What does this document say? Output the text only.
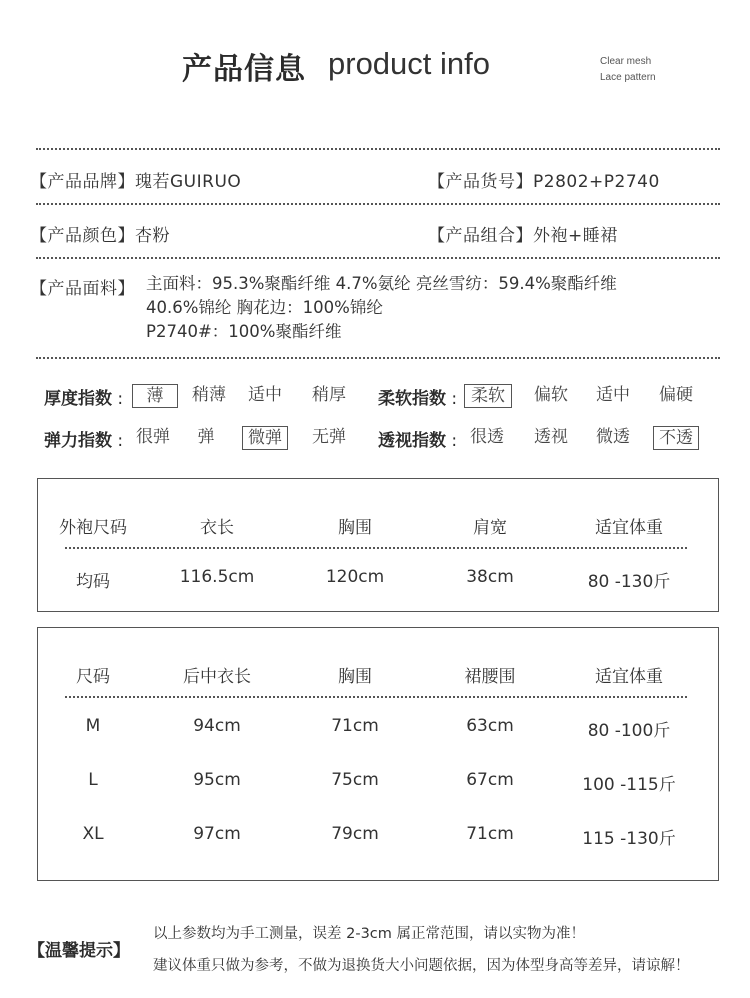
产品信息 product info	Clear mesh
Lace pattern
【产品品牌】瑰若GUIRUO	【产品货号】P2802+P2740
【产品颜色】杏粉	【产品组合】外袍+睡裙
【产品面料】 主面料：95.3%聚酯纤维 4.7%氨纶 亮丝雪纺：59.4%聚酯纤维
40.6%锦纶 胸花边：100%锦纶
P2740#：100%聚酯纤维
厚度指数 :	薄	稍薄	适中	稍厚	柔软指数 : 柔软	偏软	适中	偏硬
弹力指数 : 很弹	弹	微弹	无弹	透视指数 : 很透	透视	微透	不透
外袍尺码	衣长	胸围	肩宽	适宜体重
均码	116.5cm	120cm	38cm	80 -130斤
尺码	后中衣长	胸围	裙腰围	适宜体重
M	94cm	71cm	63cm	80 -100斤
L	95cm	75cm	67cm	100 -115斤
XL	97cm	79cm	71cm	115 -130斤
【温馨提示】
以上参数均为手工测量，误差 2-3cm 属正常范围，请以实物为准！
建议体重只做为参考，不做为退换货大小问题依据，因为体型身高等差异，请谅解！
